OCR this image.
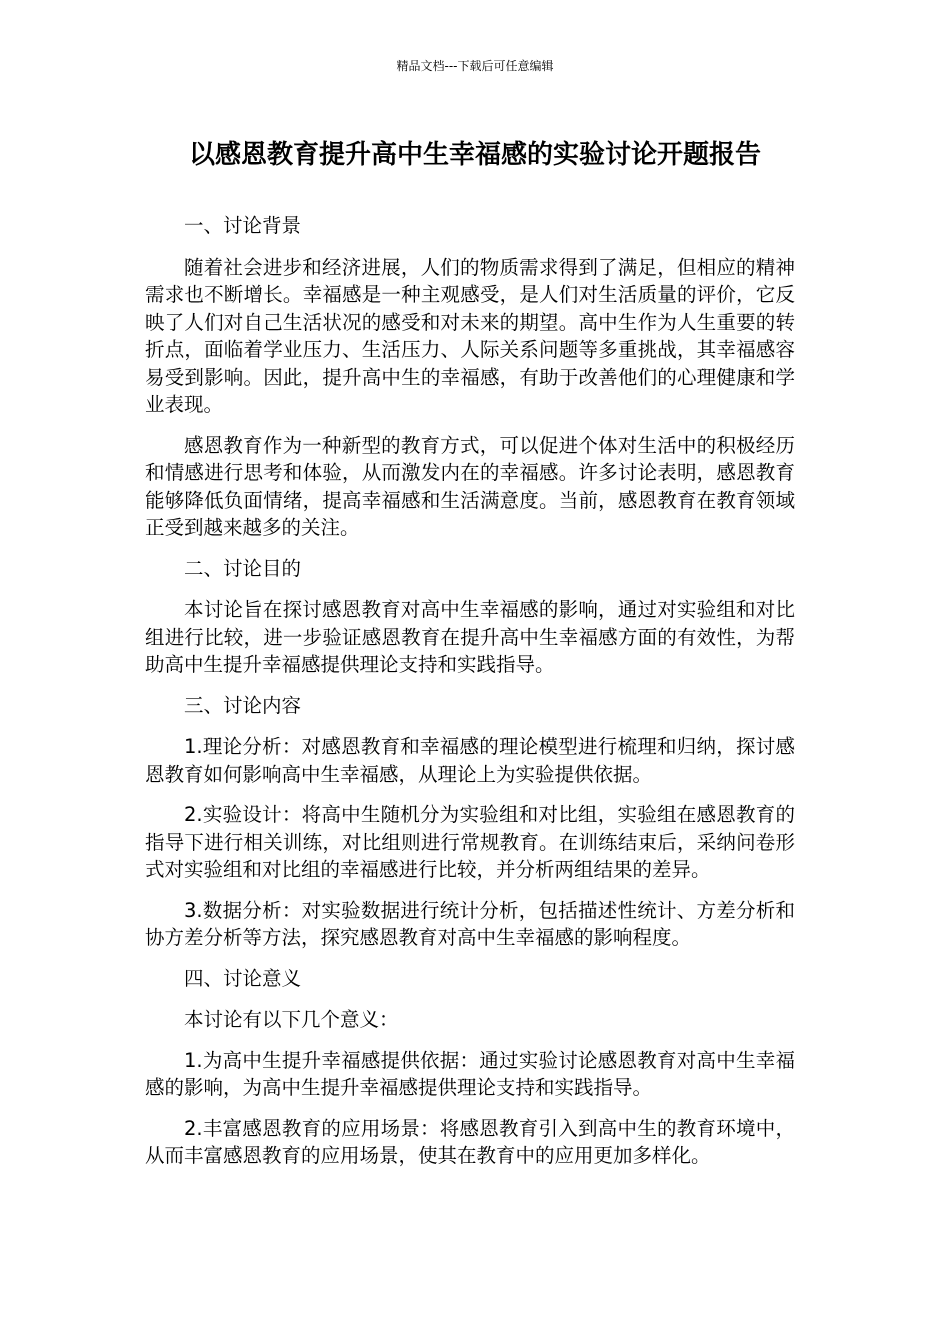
精品文档---下载后可任意编辑
以感恩教育提升高中生幸福感的实验讨论开题报告

一、讨论背景

随着社会进步和经济进展，人们的物质需求得到了满足，但相应的精神需求也不断增长。幸福感是一种主观感受，是人们对生活质量的评价，它反映了人们对自己生活状况的感受和对未来的期望。高中生作为人生重要的转折点，面临着学业压力、生活压力、人际关系问题等多重挑战，其幸福感容易受到影响。因此，提升高中生的幸福感，有助于改善他们的心理健康和学业表现。

感恩教育作为一种新型的教育方式，可以促进个体对生活中的积极经历和情感进行思考和体验，从而激发内在的幸福感。许多讨论表明，感恩教育能够降低负面情绪，提高幸福感和生活满意度。当前，感恩教育在教育领域正受到越来越多的关注。

二、讨论目的

本讨论旨在探讨感恩教育对高中生幸福感的影响，通过对实验组和对比组进行比较，进一步验证感恩教育在提升高中生幸福感方面的有效性，为帮助高中生提升幸福感提供理论支持和实践指导。

三、讨论内容

1.理论分析：对感恩教育和幸福感的理论模型进行梳理和归纳，探讨感恩教育如何影响高中生幸福感，从理论上为实验提供依据。

2.实验设计：将高中生随机分为实验组和对比组，实验组在感恩教育的指导下进行相关训练，对比组则进行常规教育。在训练结束后，采纳问卷形式对实验组和对比组的幸福感进行比较，并分析两组结果的差异。

3.数据分析：对实验数据进行统计分析，包括描述性统计、方差分析和协方差分析等方法，探究感恩教育对高中生幸福感的影响程度。

四、讨论意义

本讨论有以下几个意义：

1.为高中生提升幸福感提供依据：通过实验讨论感恩教育对高中生幸福感的影响，为高中生提升幸福感提供理论支持和实践指导。

2.丰富感恩教育的应用场景：将感恩教育引入到高中生的教育环境中，从而丰富感恩教育的应用场景，使其在教育中的应用更加多样化。
